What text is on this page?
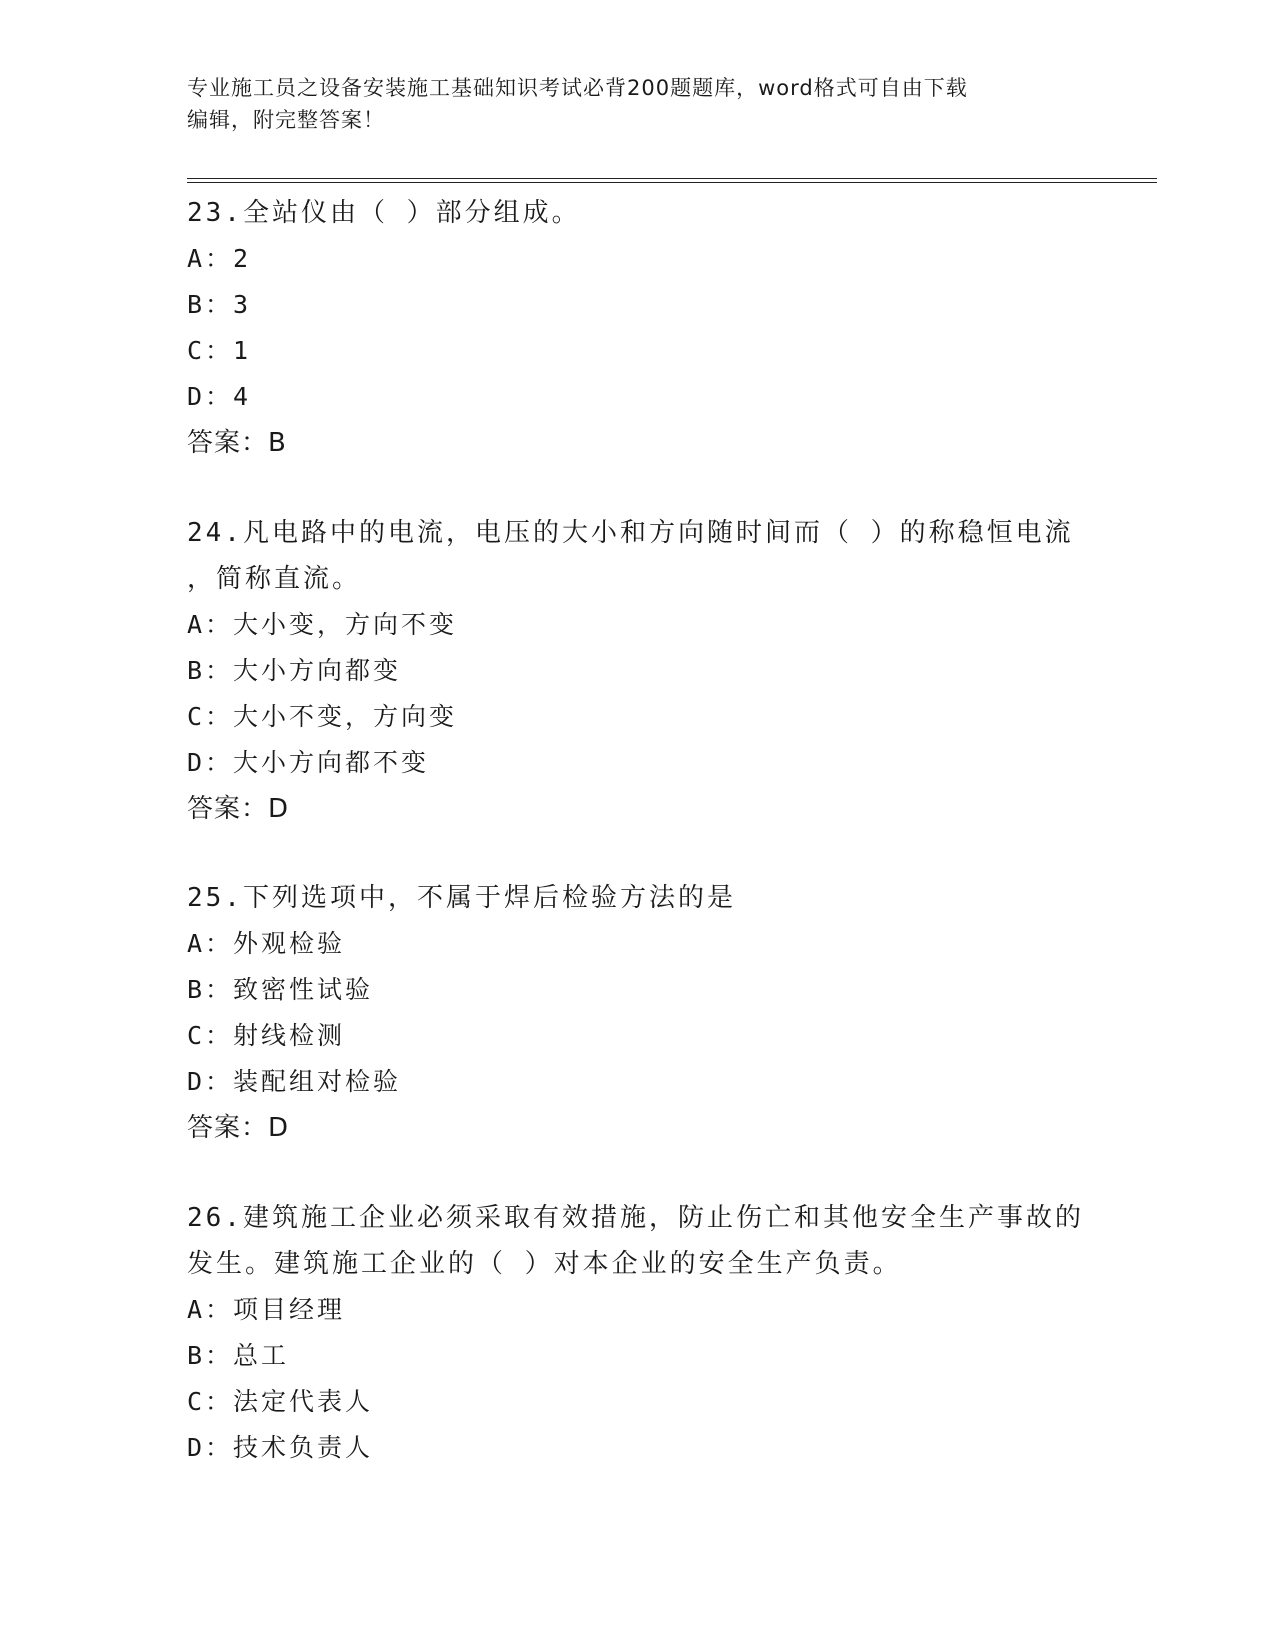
专业施工员之设备安装施工基础知识考试必背200题题库，word格式可自由下载
编辑，附完整答案！
23.全站仪由（ ）部分组成。
A：2
B：3
C：1
D：4
答案：B
24.凡电路中的电流，电压的大小和方向随时间而（ ）的称稳恒电流
，简称直流。
A：大小变，方向不变
B：大小方向都变
C：大小不变，方向变
D：大小方向都不变
答案：D
25.下列选项中，不属于焊后检验方法的是
A：外观检验
B：致密性试验
C：射线检测
D：装配组对检验
答案：D
26.建筑施工企业必须采取有效措施，防止伤亡和其他安全生产事故的
发生。建筑施工企业的（ ）对本企业的安全生产负责。
A：项目经理
B：总工
C：法定代表人
D：技术负责人
